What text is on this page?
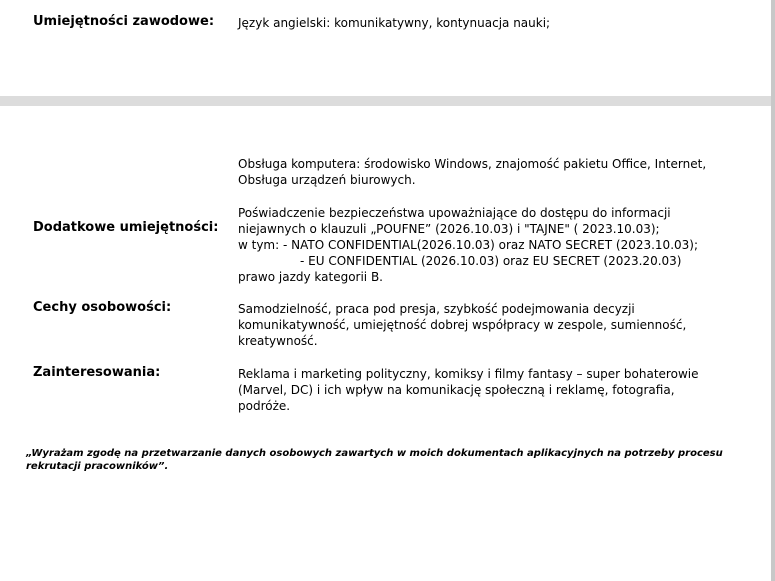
Umiejętności zawodowe: Język angielski: komunikatywny, kontynuacja nauki;
Obsługa komputera: środowisko Windows, znajomość pakietu Office, Internet,
Obsługa urządzeń biurowych.
Poświadczenie bezpieczeństwa upoważniające do dostępu do informacji
niejawnych o klauzuli „POUFNE” (2026.10.03) i "TAJNE" ( 2023.10.03);
Dodatkowe umiejętności:
w tym: - NATO CONFIDENTIAL(2026.10.03) oraz NATO SECRET (2023.10.03);
- EU CONFIDENTIAL (2026.10.03) oraz EU SECRET (2023.20.03)
prawo jazdy kategorii B.
Cechy osobowości:	Samodzielność, praca pod presja, szybkość podejmowania decyzji
komunikatywność, umiejętność dobrej współpracy w zespole, sumienność,
kreatywność.
Zainteresowania:	Reklama i marketing polityczny, komiksy i filmy fantasy – super bohaterowie
(Marvel, DC) i ich wpływ na komunikację społeczną i reklamę, fotografia,
podróże.
„Wyrażam zgodę na przetwarzanie danych osobowych zawartych w moich dokumentach aplikacyjnych na potrzeby procesu rekrutacji pracowników”.
